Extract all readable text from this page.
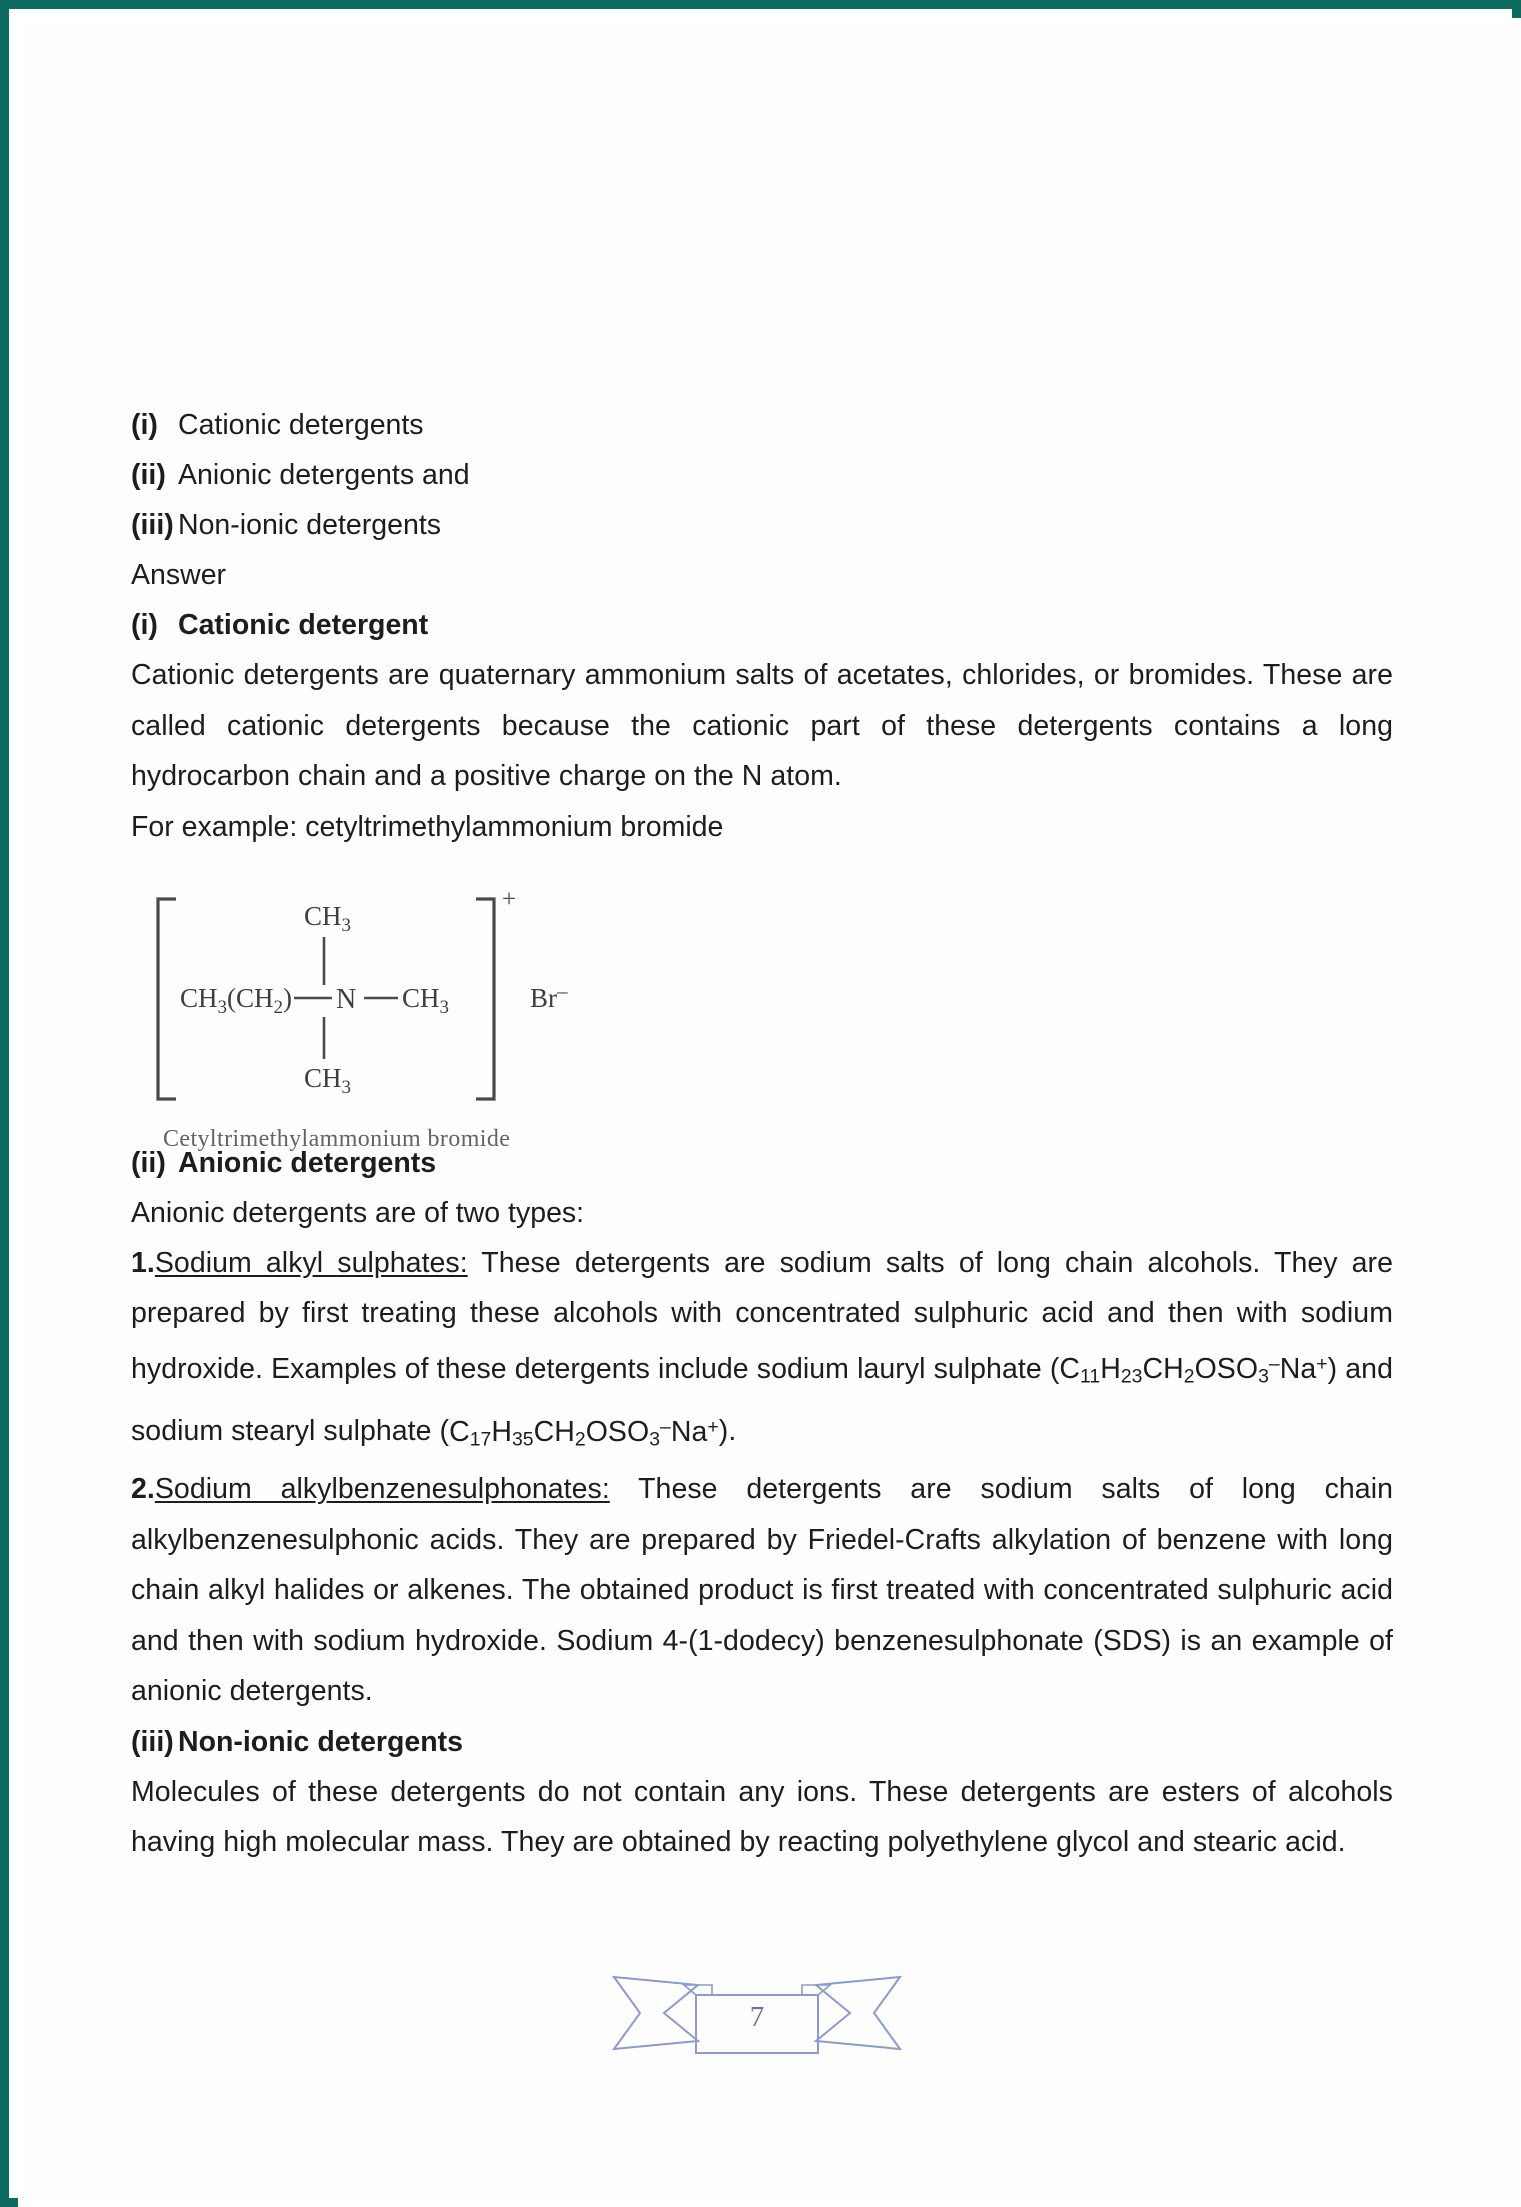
(i) Cationic detergents
(ii) Anionic detergents and
(iii) Non-ionic detergents
Answer
(i) Cationic detergent

Cationic detergents are quaternary ammonium salts of acetates, chlorides, or bromides. These are called cationic detergents because the cationic part of these detergents contains a long hydrocarbon chain and a positive charge on the N atom.

For example: cetyltrimethylammonium bromide
+
$CH_3$
$CH_3(CH_2)$ N $CH_3$
$CH_3$
Br–
Cetyltrimethylammonium bromide
(ii) Anionic detergents
Anionic detergents are of two types:

1.Sodium alkyl sulphates: These detergents are sodium salts of long chain alcohols. They are prepared by first treating these alcohols with concentrated sulphuric acid and then with sodium hydroxide. Examples of these detergents include sodium lauryl sulphate $(C_{11}H_{23}CH_2OSO_3^-Na^+)$ and sodium stearyl sulphate $(C_{17}H_{35}CH_2OSO_3^-Na^+)$.

2.Sodium alkylbenzenesulphonates: These detergents are sodium salts of long chain alkylbenzenesulphonic acids. They are prepared by Friedel-Crafts alkylation of benzene with long chain alkyl halides or alkenes. The obtained product is first treated with concentrated sulphuric acid and then with sodium hydroxide. Sodium 4-(1-dodecy) benzenesulphonate (SDS) is an example of anionic detergents.

(iii) Non-ionic detergents

Molecules of these detergents do not contain any ions. These detergents are esters of alcohols having high molecular mass. They are obtained by reacting polyethylene glycol and stearic acid.

7
